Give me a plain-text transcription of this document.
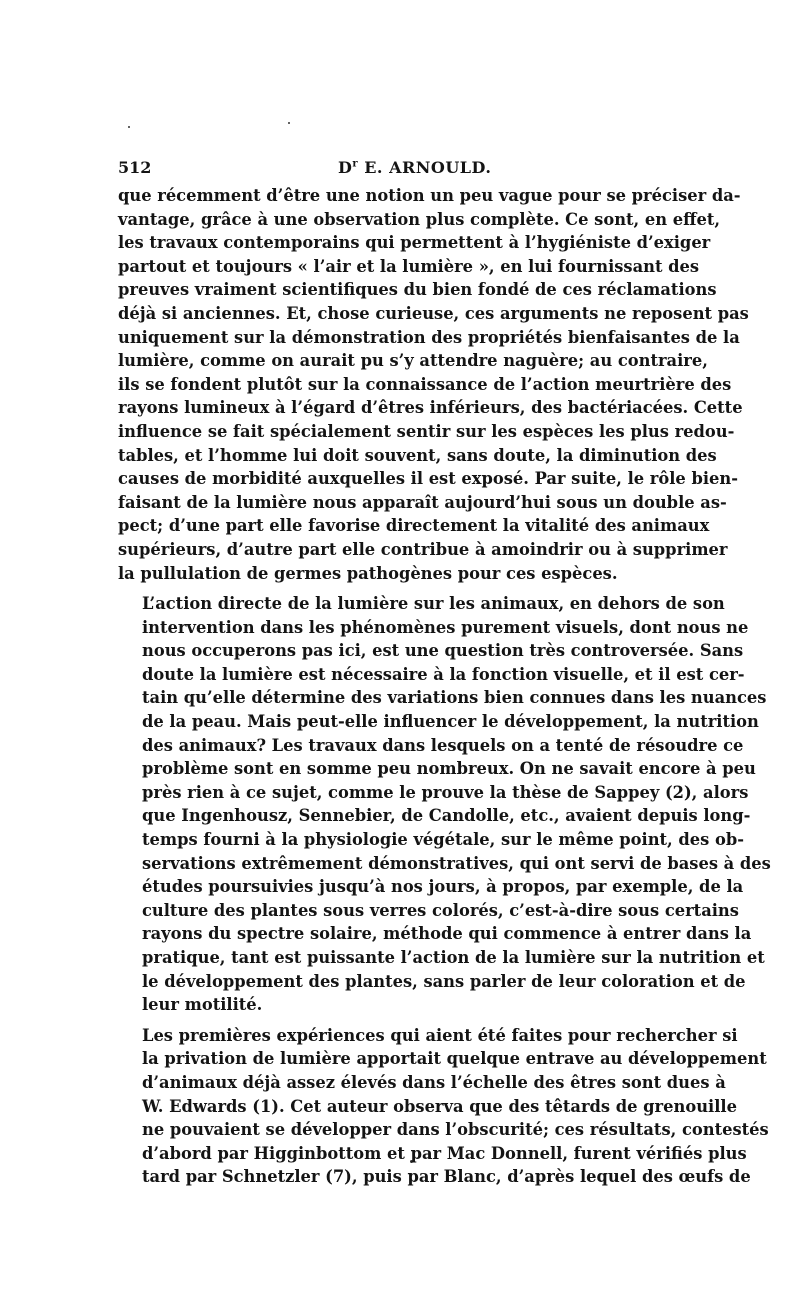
512	$D^r$ E. ARNOULD.
que récemment d’être une notion un peu vague pour se préciser da-
vantage, grâce à une observation plus complète. Ce sont, en effet,
les travaux contemporains qui permettent à l’hygiéniste d’exiger
partout et toujours « l’air et la lumière », en lui fournissant des
preuves vraiment scientifiques du bien fondé de ces réclamations
déjà si anciennes. Et, chose curieuse, ces arguments ne reposent pas
uniquement sur la démonstration des propriétés bienfaisantes de la
lumière, comme on aurait pu s’y attendre naguère; au contraire,
ils se fondent plutôt sur la connaissance de l’action meurtrière des
rayons lumineux à l’égard d’êtres inférieurs, des bactériacées. Cette
influence se fait spécialement sentir sur les espèces les plus redou-
tables, et l’homme lui doit souvent, sans doute, la diminution des
causes de morbidité auxquelles il est exposé. Par suite, le rôle bien-
faisant de la lumière nous apparaît aujourd’hui sous un double as-
pect; d’une part elle favorise directement la vitalité des animaux
supérieurs, d’autre part elle contribue à amoindrir ou à supprimer
la pullulation de germes pathogènes pour ces espèces.
L’action directe de la lumière sur les animaux, en dehors de son
intervention dans les phénomènes purement visuels, dont nous ne
nous occuperons pas ici, est une question très controversée. Sans
doute la lumière est nécessaire à la fonction visuelle, et il est cer-
tain qu’elle détermine des variations bien connues dans les nuances
de la peau. Mais peut-elle influencer le développement, la nutrition
des animaux? Les travaux dans lesquels on a tenté de résoudre ce
problème sont en somme peu nombreux. On ne savait encore à peu
près rien à ce sujet, comme le prouve la thèse de Sappey (2), alors
que Ingenhousz, Sennebier, de Candolle, etc., avaient depuis long-
temps fourni à la physiologie végétale, sur le même point, des ob-
servations extrêmement démonstratives, qui ont servi de bases à des
études poursuivies jusqu’à nos jours, à propos, par exemple, de la
culture des plantes sous verres colorés, c’est-à-dire sous certains
rayons du spectre solaire, méthode qui commence à entrer dans la
pratique, tant est puissante l’action de la lumière sur la nutrition et
le développement des plantes, sans parler de leur coloration et de
leur motilité.
Les premières expériences qui aient été faites pour rechercher si
la privation de lumière apportait quelque entrave au développement
d’animaux déjà assez élevés dans l’échelle des êtres sont dues à
W. Edwards (1). Cet auteur observa que des têtards de grenouille
ne pouvaient se développer dans l’obscurité; ces résultats, contestés
d’abord par Higginbottom et par Mac Donnell, furent vérifiés plus
tard par Schnetzler (7), puis par Blanc, d’après lequel des œufs de
